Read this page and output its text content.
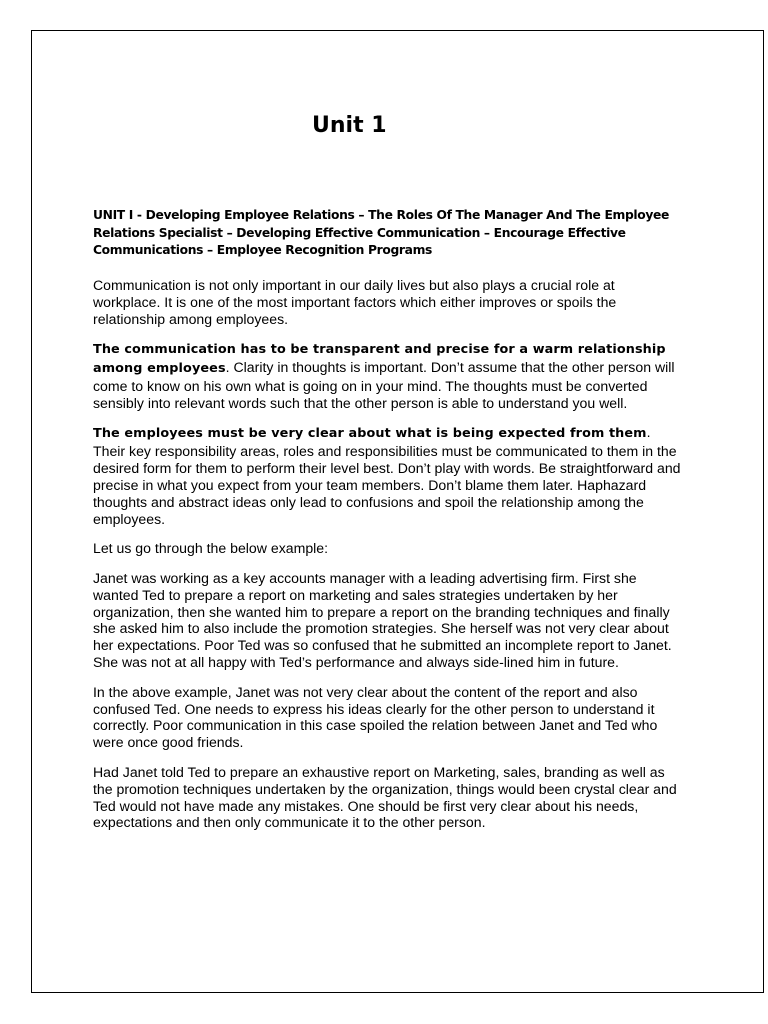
Unit 1
UNIT I - Developing Employee Relations – The Roles Of The Manager And The Employee Relations Specialist – Developing Effective Communication – Encourage Effective Communications – Employee Recognition Programs

Communication is not only important in our daily lives but also plays a crucial role at workplace. It is one of the most important factors which either improves or spoils the relationship among employees.

The communication has to be transparent and precise for a warm relationship among employees. Clarity in thoughts is important. Don’t assume that the other person will come to know on his own what is going on in your mind. The thoughts must be converted sensibly into relevant words such that the other person is able to understand you well.

The employees must be very clear about what is being expected from them. Their key responsibility areas, roles and responsibilities must be communicated to them in the desired form for them to perform their level best. Don’t play with words. Be straightforward and precise in what you expect from your team members. Don’t blame them later. Haphazard thoughts and abstract ideas only lead to confusions and spoil the relationship among the employees.

Let us go through the below example:

Janet was working as a key accounts manager with a leading advertising firm. First she wanted Ted to prepare a report on marketing and sales strategies undertaken by her organization, then she wanted him to prepare a report on the branding techniques and finally she asked him to also include the promotion strategies. She herself was not very clear about her expectations. Poor Ted was so confused that he submitted an incomplete report to Janet. She was not at all happy with Ted’s performance and always side-lined him in future.

In the above example, Janet was not very clear about the content of the report and also confused Ted. One needs to express his ideas clearly for the other person to understand it correctly. Poor communication in this case spoiled the relation between Janet and Ted who were once good friends.

Had Janet told Ted to prepare an exhaustive report on Marketing, sales, branding as well as the promotion techniques undertaken by the organization, things would been crystal clear and Ted would not have made any mistakes. One should be first very clear about his needs, expectations and then only communicate it to the other person.
